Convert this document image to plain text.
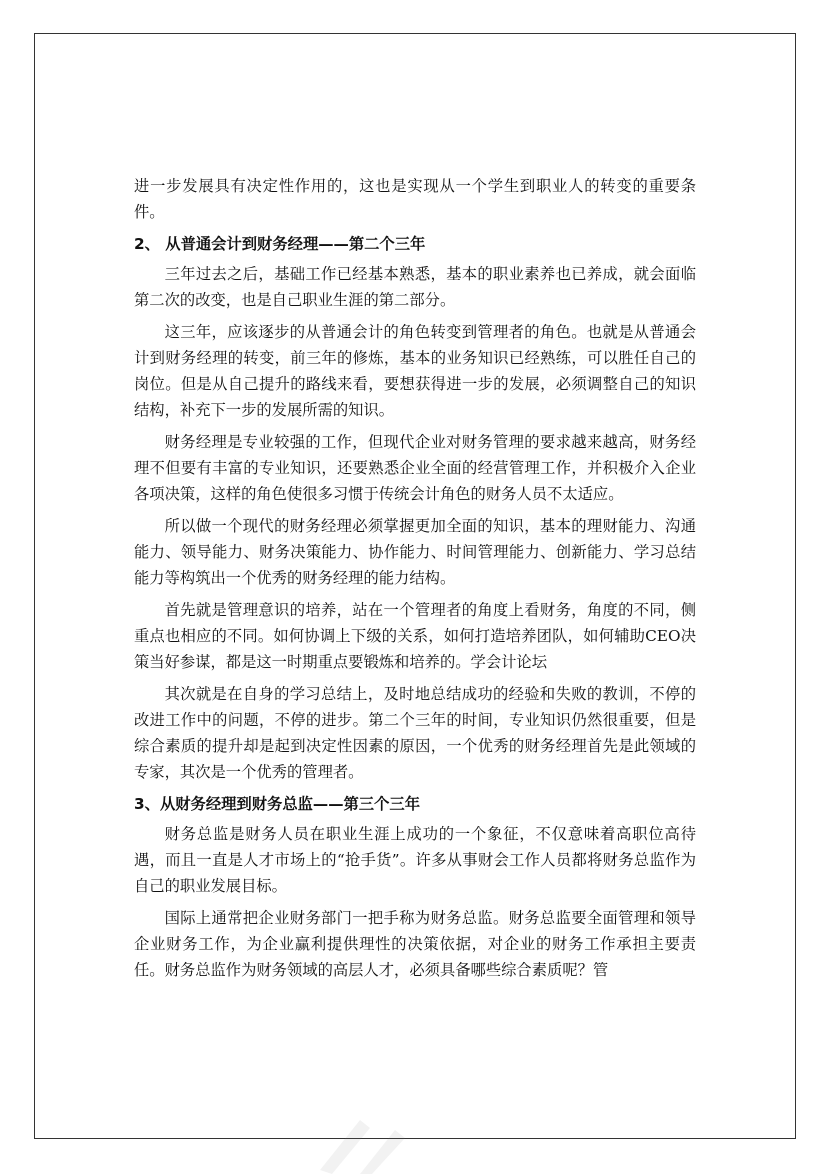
进一步发展具有决定性作用的，这也是实现从一个学生到职业人的转变的重要条件。

2、 从普通会计到财务经理——第二个三年

三年过去之后，基础工作已经基本熟悉，基本的职业素养也已养成，就会面临第二次的改变，也是自己职业生涯的第二部分。

这三年，应该逐步的从普通会计的角色转变到管理者的角色。也就是从普通会计到财务经理的转变，前三年的修炼，基本的业务知识已经熟练，可以胜任自己的岗位。但是从自己提升的路线来看，要想获得进一步的发展，必须调整自己的知识结构，补充下一步的发展所需的知识。

财务经理是专业较强的工作，但现代企业对财务管理的要求越来越高，财务经理不但要有丰富的专业知识，还要熟悉企业全面的经营管理工作，并积极介入企业各项决策，这样的角色使很多习惯于传统会计角色的财务人员不太适应。

所以做一个现代的财务经理必须掌握更加全面的知识，基本的理财能力、沟通能力、领导能力、财务决策能力、协作能力、时间管理能力、创新能力、学习总结能力等构筑出一个优秀的财务经理的能力结构。

首先就是管理意识的培养，站在一个管理者的角度上看财务，角度的不同，侧重点也相应的不同。如何协调上下级的关系，如何打造培养团队，如何辅助CEO决策当好参谋，都是这一时期重点要锻炼和培养的。学会计论坛

其次就是在自身的学习总结上，及时地总结成功的经验和失败的教训，不停的改进工作中的问题，不停的进步。第二个三年的时间，专业知识仍然很重要，但是综合素质的提升却是起到决定性因素的原因，一个优秀的财务经理首先是此领域的专家，其次是一个优秀的管理者。

3、从财务经理到财务总监——第三个三年

财务总监是财务人员在职业生涯上成功的一个象征，不仅意味着高职位高待遇，而且一直是人才市场上的“抢手货”。许多从事财会工作人员都将财务总监作为自己的职业发展目标。

国际上通常把企业财务部门一把手称为财务总监。财务总监要全面管理和领导企业财务工作，为企业赢利提供理性的决策依据，对企业的财务工作承担主要责任。财务总监作为财务领域的高层人才，必须具备哪些综合素质呢？管
